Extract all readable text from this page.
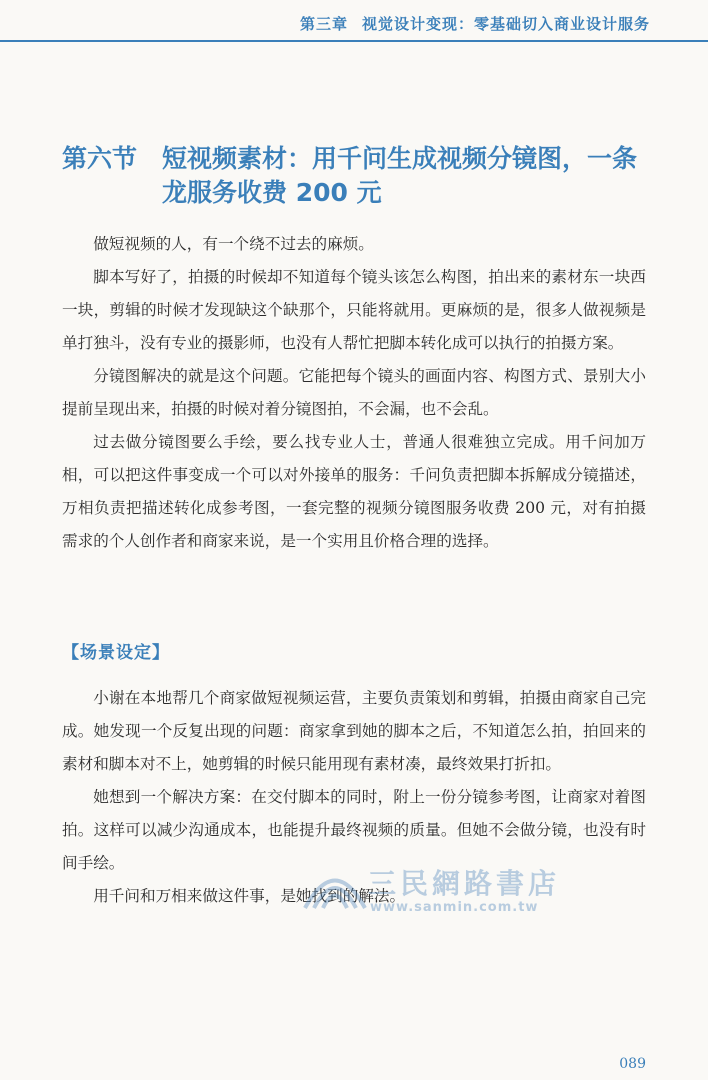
第三章 视觉设计变现：零基础切入商业设计服务
第六节 短视频素材：用千问生成视频分镜图，一条龙服务收费 200 元

做短视频的人，有一个绕不过去的麻烦。

脚本写好了，拍摄的时候却不知道每个镜头该怎么构图，拍出来的素材东一块西一块，剪辑的时候才发现缺这个缺那个，只能将就用。更麻烦的是，很多人做视频是单打独斗，没有专业的摄影师，也没有人帮忙把脚本转化成可以执行的拍摄方案。

分镜图解决的就是这个问题。它能把每个镜头的画面内容、构图方式、景别大小提前呈现出来，拍摄的时候对着分镜图拍，不会漏，也不会乱。

过去做分镜图要么手绘，要么找专业人士，普通人很难独立完成。用千问加万相，可以把这件事变成一个可以对外接单的服务：千问负责把脚本拆解成分镜描述，万相负责把描述转化成参考图，一套完整的视频分镜图服务收费 200 元，对有拍摄需求的个人创作者和商家来说，是一个实用且价格合理的选择。

【场景设定】

小谢在本地帮几个商家做短视频运营，主要负责策划和剪辑，拍摄由商家自己完成。她发现一个反复出现的问题：商家拿到她的脚本之后，不知道怎么拍，拍回来的素材和脚本对不上，她剪辑的时候只能用现有素材凑，最终效果打折扣。

她想到一个解决方案：在交付脚本的同时，附上一份分镜参考图，让商家对着图拍。这样可以减少沟通成本，也能提升最终视频的质量。但她不会做分镜，也没有时间手绘。

用千问和万相来做这件事，是她找到的解法。

三民網路書店
www.sanmin.com.tw
089
